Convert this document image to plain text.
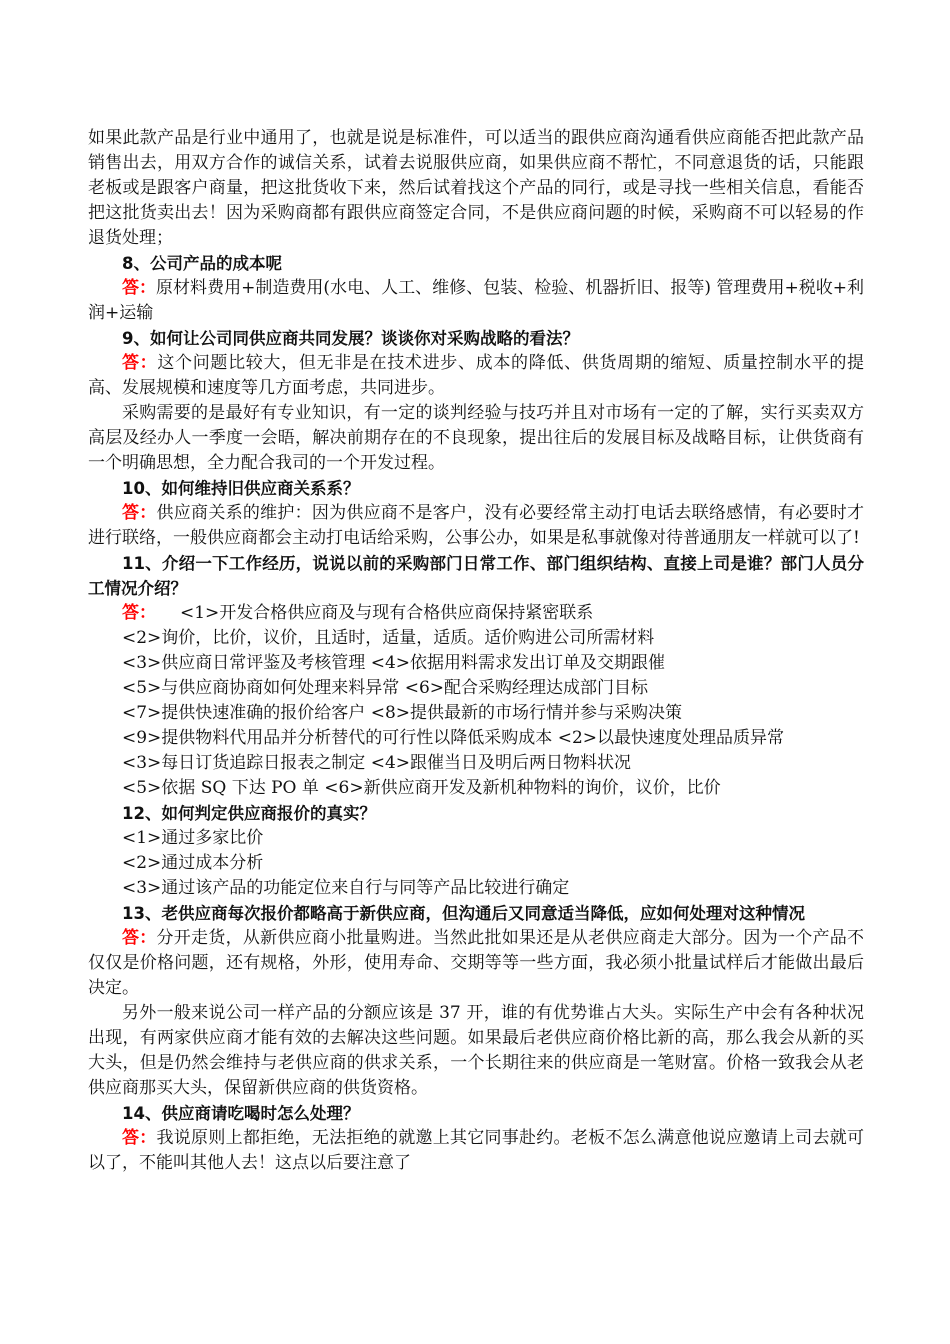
如果此款产品是行业中通用了，也就是说是标准件，可以适当的跟供应商沟通看供应商能否把此款产品销售出去，用双方合作的诚信关系，试着去说服供应商，如果供应商不帮忙，不同意退货的话，只能跟老板或是跟客户商量，把这批货收下来，然后试着找这个产品的同行，或是寻找一些相关信息，看能否把这批货卖出去！因为采购商都有跟供应商签定合同，不是供应商问题的时候，采购商不可以轻易的作退货处理；

8、公司产品的成本呢

答：原材料费用+制造费用(水电、人工、维修、包装、检验、机器折旧、报等) 管理费用+税收+利润+运输

9、如何让公司同供应商共同发展？谈谈你对采购战略的看法？

答：这个问题比较大，但无非是在技术进步、成本的降低、供货周期的缩短、质量控制水平的提高、发展规模和速度等几方面考虑，共同进步。

采购需要的是最好有专业知识，有一定的谈判经验与技巧并且对市场有一定的了解，实行买卖双方高层及经办人一季度一会晤，解决前期存在的不良现象，提出往后的发展目标及战略目标，让供货商有一个明确思想，全力配合我司的一个开发过程。

10、如何维持旧供应商关系系？

答：供应商关系的维护：因为供应商不是客户，没有必要经常主动打电话去联络感情，有必要时才进行联络，一般供应商都会主动打电话给采购，公事公办，如果是私事就像对待普通朋友一样就可以了!

11、介绍一下工作经历，说说以前的采购部门日常工作、部门组织结构、直接上司是谁？部门人员分工情况介绍？

答： <1>开发合格供应商及与现有合格供应商保持紧密联系

<2>询价，比价，议价，且适时，适量，适质。适价购进公司所需材料

<3>供应商日常评鉴及考核管理 <4>依据用料需求发出订单及交期跟催

<5>与供应商协商如何处理来料异常 <6>配合采购经理达成部门目标

<7>提供快速准确的报价给客户 <8>提供最新的市场行情并参与采购决策

<9>提供物料代用品并分析替代的可行性以降低采购成本 <2>以最快速度处理品质异常

<3>每日订货追踪日报表之制定 <4>跟催当日及明后两日物料状况

<5>依据 SQ 下达 PO 单 <6>新供应商开发及新机种物料的询价，议价，比价

12、如何判定供应商报价的真实？

<1>通过多家比价

<2>通过成本分析

<3>通过该产品的功能定位来自行与同等产品比较进行确定

13、老供应商每次报价都略高于新供应商，但沟通后又同意适当降低，应如何处理对这种情况

答：分开走货，从新供应商小批量购进。当然此批如果还是从老供应商走大部分。因为一个产品不仅仅是价格问题，还有规格，外形，使用寿命、交期等等一些方面，我必须小批量试样后才能做出最后决定。

另外一般来说公司一样产品的分额应该是 37 开，谁的有优势谁占大头。实际生产中会有各种状况出现，有两家供应商才能有效的去解决这些问题。如果最后老供应商价格比新的高，那么我会从新的买大头，但是仍然会维持与老供应商的供求关系，一个长期往来的供应商是一笔财富。价格一致我会从老供应商那买大头，保留新供应商的供货资格。

14、供应商请吃喝时怎么处理？

答：我说原则上都拒绝，无法拒绝的就邀上其它同事赴约。老板不怎么满意他说应邀请上司去就可以了，不能叫其他人去！这点以后要注意了
